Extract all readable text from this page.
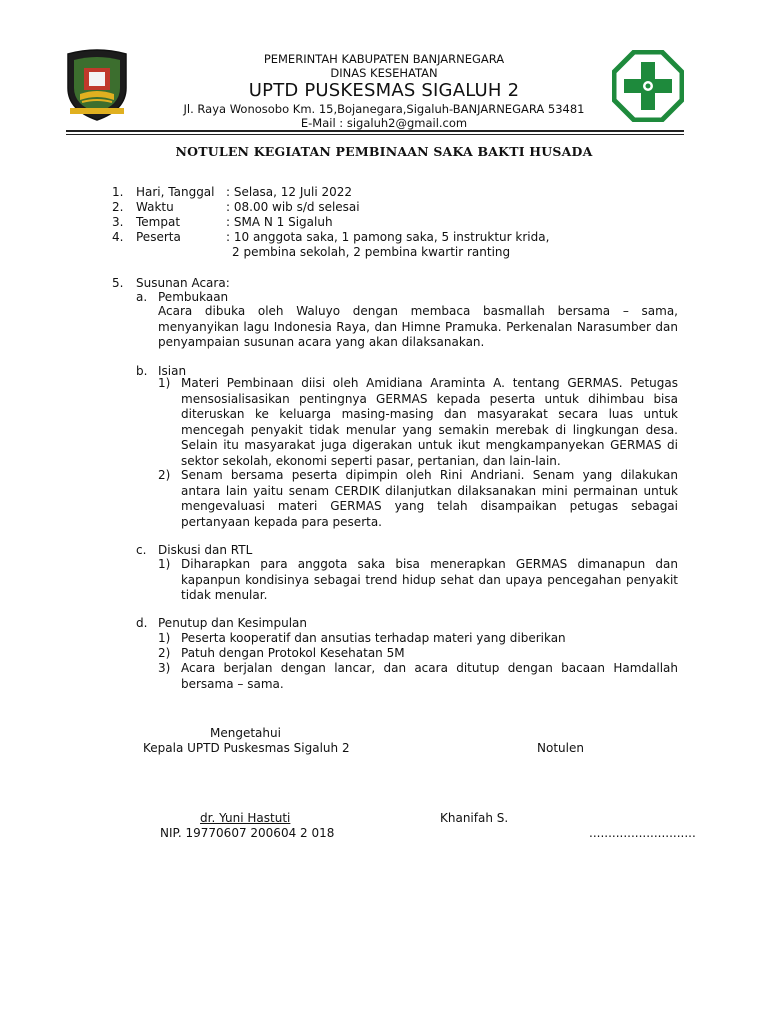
PEMERINTAH KABUPATEN BANJARNEGARA
DINAS KESEHATAN
UPTD PUSKESMAS SIGALUH 2
Jl. Raya Wonosobo Km. 15,Bojanegara,Sigaluh-BANJARNEGARA 53481
E-Mail : sigaluh2@gmail.com
NOTULEN KEGIATAN PEMBINAAN SAKA BAKTI HUSADA
1. Hari, Tanggal : Selasa, 12 Juli 2022
2. Waktu	: 08.00 wib s/d selesai
3. Tempat	: SMA N 1 Sigaluh
4. Peserta	: 10 anggota saka, 1 pamong saka, 5 instruktur krida,
2 pembina sekolah, 2 pembina kwartir ranting
5. Susunan Acara:
a. Pembukaan
Acara dibuka oleh Waluyo dengan membaca basmallah bersama – sama, menyanyikan lagu Indonesia Raya, dan Himne Pramuka. Perkenalan Narasumber dan penyampaian susunan acara yang akan dilaksanakan.
b. Isian
1) Materi Pembinaan diisi oleh Amidiana Araminta A. tentang GERMAS. Petugas mensosialisasikan pentingnya GERMAS kepada peserta untuk dihimbau bisa diteruskan ke keluarga masing-masing dan masyarakat secara luas untuk mencegah penyakit tidak menular yang semakin merebak di lingkungan desa. Selain itu masyarakat juga digerakan untuk ikut mengkampanyekan GERMAS di sektor sekolah, ekonomi seperti pasar, pertanian, dan lain-lain.
2) Senam bersama peserta dipimpin oleh Rini Andriani. Senam yang dilakukan antara lain yaitu senam CERDIK dilanjutkan dilaksanakan mini permainan untuk mengevaluasi materi GERMAS yang telah disampaikan petugas sebagai pertanyaan kepada para peserta.
c. Diskusi dan RTL
1) Diharapkan para anggota saka bisa menerapkan GERMAS dimanapun dan kapanpun kondisinya sebagai trend hidup sehat dan upaya pencegahan penyakit tidak menular.
d. Penutup dan Kesimpulan
1) Peserta kooperatif dan ansutias terhadap materi yang diberikan
2) Patuh dengan Protokol Kesehatan 5M
3) Acara berjalan dengan lancar, dan acara ditutup dengan bacaan Hamdallah bersama – sama.
Mengetahui
Kepala UPTD Puskesmas Sigaluh 2	Notulen
dr. Yuni Hastuti	Khanifah S.
NIP. 19770607 200604 2 018	............................
